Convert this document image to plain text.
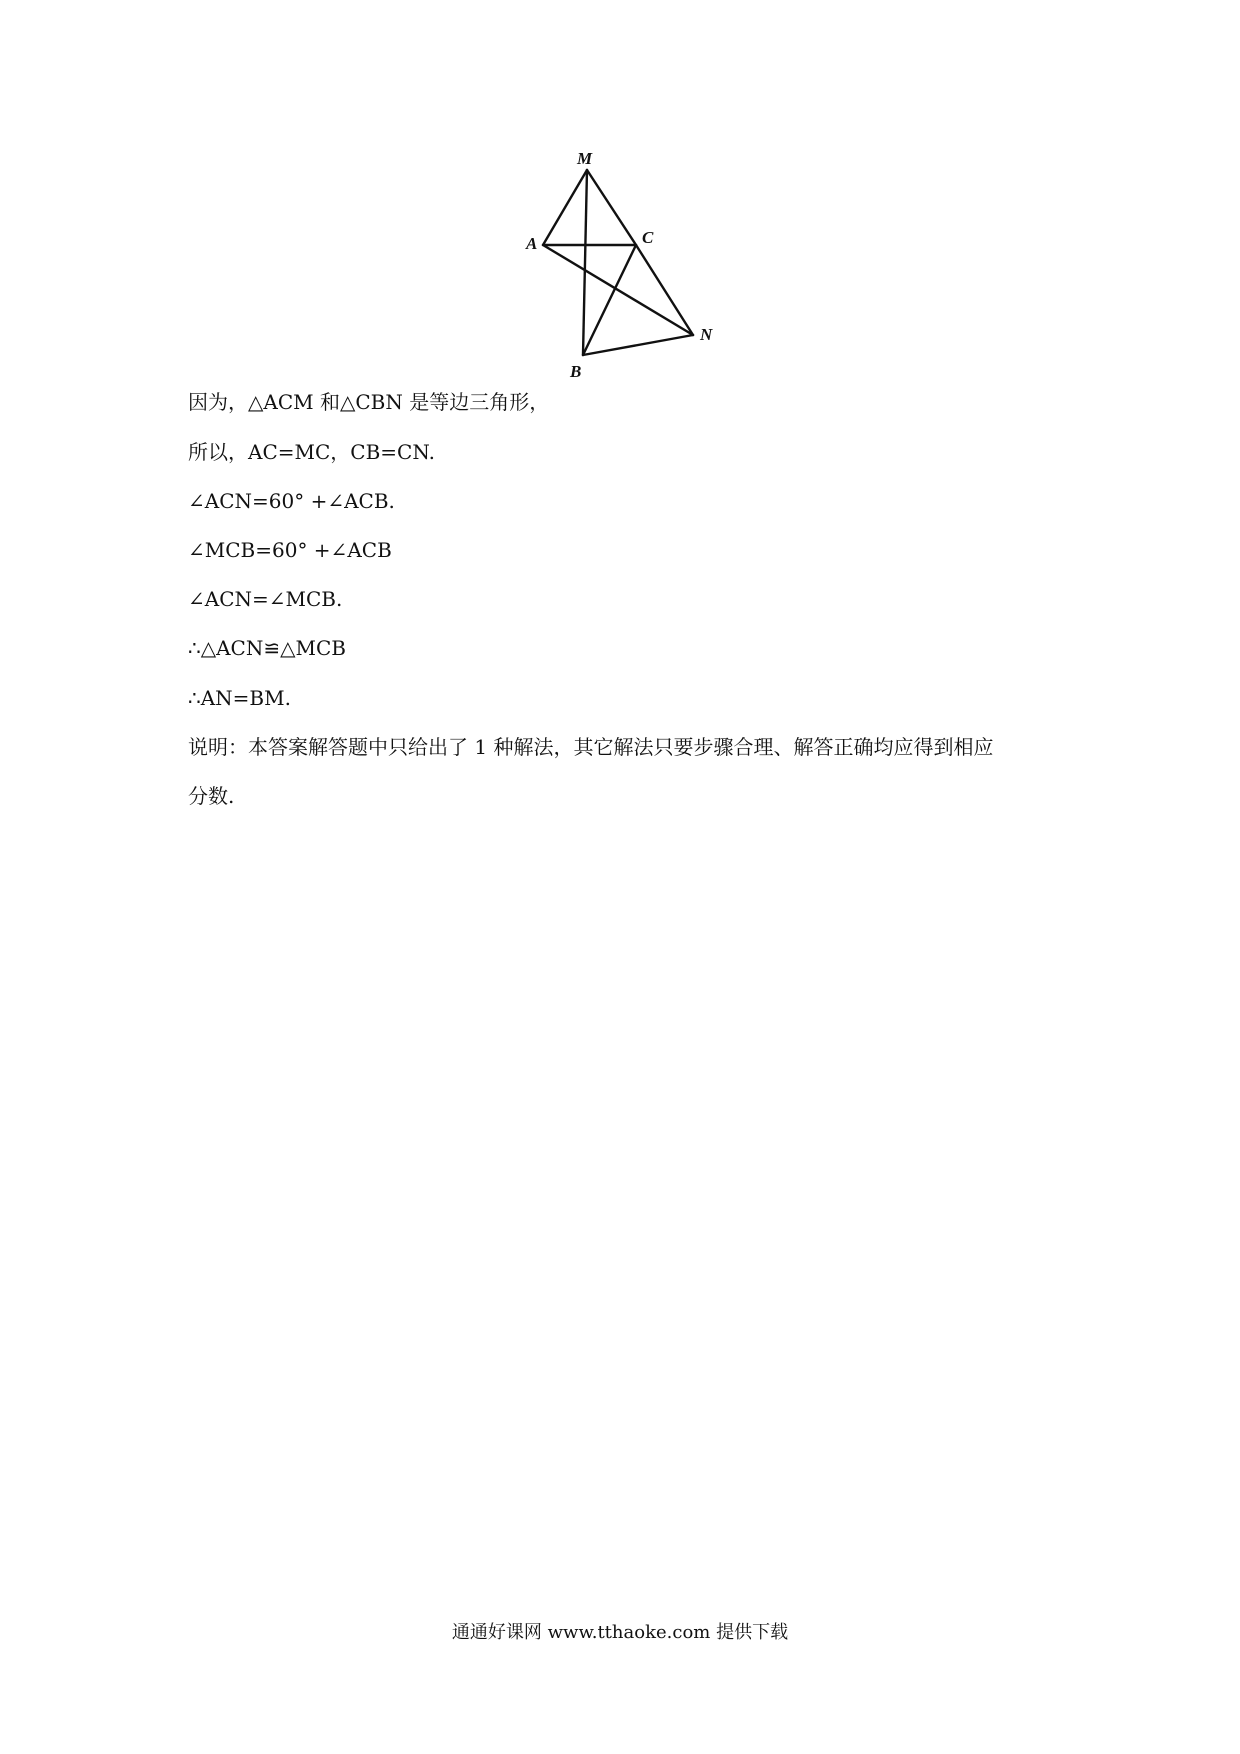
M
A	C
N
B
因为，△ACM 和△CBN 是等边三角形，
所以，AC=MC，CB=CN.
∠ACN=60° +∠ACB.
∠MCB=60° +∠ACB
∠ACN=∠MCB.
∴△ACN≌△MCB
∴AN=BM.
说明：本答案解答题中只给出了 1 种解法，其它解法只要步骤合理、解答正确均应得到相应
分数.
通通好课网 www.tthaoke.com 提供下载
